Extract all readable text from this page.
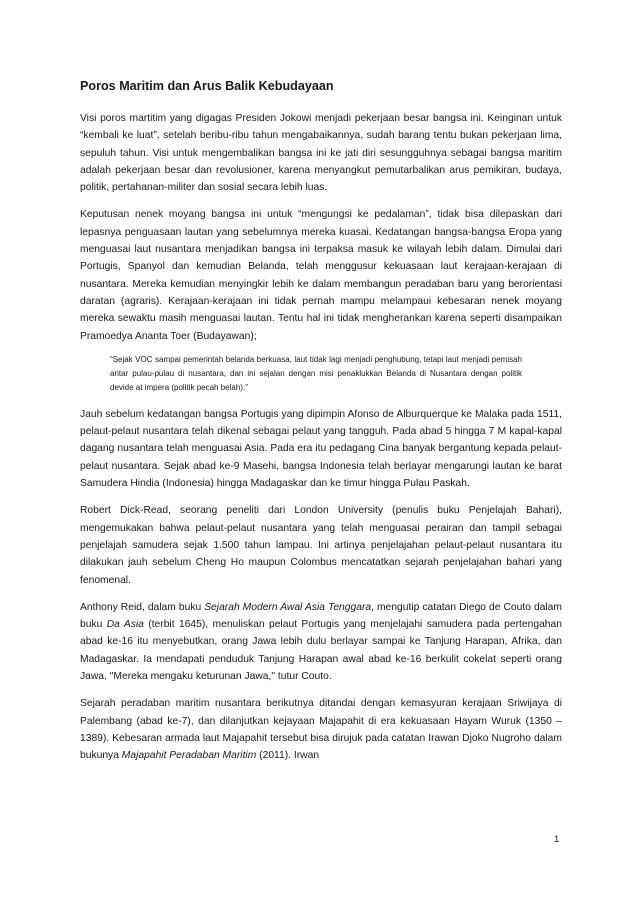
Poros Maritim dan Arus Balik Kebudayaan

Visi poros martitim yang digagas Presiden Jokowi menjadi pekerjaan besar bangsa ini. Keinginan untuk “kembali ke luat”, setelah beribu-ribu tahun mengabaikannya, sudah barang tentu bukan pekerjaan lima, sepuluh tahun. Visi untuk mengembalikan bangsa ini ke jati diri sesungguhnya sebagai bangsa maritim adalah pekerjaan besar dan revolusioner, karena menyangkut pemutarbalikan arus pemikiran, budaya, politik, pertahanan-militer dan sosial secara lebih luas.

Keputusan nenek moyang bangsa ini untuk “mengungsi ke pedalaman”, tidak bisa dilepaskan dari lepasnya penguasaan lautan yang sebelumnya mereka kuasai. Kedatangan bangsa-bangsa Eropa yang menguasai laut nusantara menjadikan bangsa ini terpaksa masuk ke wilayah lebih dalam. Dimulai dari Portugis, Spanyol dan kemudian Belanda, telah menggusur kekuasaan laut kerajaan-kerajaan di nusantara. Mereka kemudian menyingkir lebih ke dalam membangun peradaban baru yang berorientasi daratan (agraris). Kerajaan-kerajaan ini tidak pernah mampu melampaui kebesaran nenek moyang mereka sewaktu masih menguasai lautan. Tentu hal ini tidak mengherankan karena seperti disampaikan Pramoedya Ananta Toer (Budayawan);

“Sejak VOC sampai pemerintah belanda berkuasa, laut tidak lagi menjadi penghubung, tetapi laut menjadi pemisah antar pulau-pulau di nusantara, dan ini sejalan dengan misi penaklukkan Belanda di Nusantara dengan politik devide at impera (politik pecah belah).”

Jauh sebelum kedatangan bangsa Portugis yang dipimpin Afonso de Alburquerque ke Malaka pada 1511, pelaut-pelaut nusantara telah dikenal sebagai pelaut yang tangguh. Pada abad 5 hingga 7 M kapal-kapal dagang nusantara telah menguasai Asia. Pada era itu pedagang Cina banyak bergantung kepada pelaut-pelaut nusantara. Sejak abad ke-9 Masehi, bangsa Indonesia telah berlayar mengarungi lautan ke barat Samudera Hindia (Indonesia) hingga Madagaskar dan ke timur hingga Pulau Paskah.

Robert Dick-Read, seorang peneliti dari London University (penulis buku Penjelajah Bahari), mengemukakan bahwa pelaut-pelaut nusantara yang telah menguasai perairan dan tampil sebagai penjelajah samudera sejak 1.500 tahun lampau. Ini artinya penjelajahan pelaut-pelaut nusantara itu dilakukan jauh sebelum Cheng Ho maupun Colombus mencatatkan sejarah penjelajahan bahari yang fenomenal.

Anthony Reid, dalam buku Sejarah Modern Awal Asia Tenggara, mengutip catatan Diego de Couto dalam buku Da Asia (terbit 1645), menuliskan pelaut Portugis yang menjelajahi samudera pada pertengahan abad ke-16 itu menyebutkan, orang Jawa lebih dulu berlayar sampai ke Tanjung Harapan, Afrika, dan Madagaskar. Ia mendapati penduduk Tanjung Harapan awal abad ke-16 berkulit cokelat seperti orang Jawa. "Mereka mengaku keturunan Jawa," tutur Couto.

Sejarah peradaban maritim nusantara berikutnya ditandai dengan kemasyuran kerajaan Sriwijaya di Palembang (abad ke-7), dan dilanjutkan kejayaan Majapahit di era kekuasaan Hayam Wuruk (1350 – 1389). Kebesaran armada laut Majapahit tersebut bisa dirujuk pada catatan Irawan Djoko Nugroho dalam bukunya Majapahit Peradaban Maritim (2011). Irwan

1
